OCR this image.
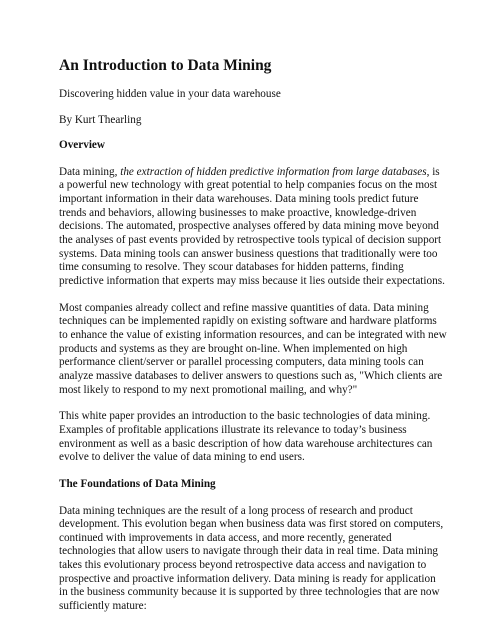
An Introduction to Data Mining
Discovering hidden value in your data warehouse
By Kurt Thearling
Overview
Data mining, the extraction of hidden predictive information from large databases, is
a powerful new technology with great potential to help companies focus on the most
important information in their data warehouses. Data mining tools predict future
trends and behaviors, allowing businesses to make proactive, knowledge-driven
decisions. The automated, prospective analyses offered by data mining move beyond
the analyses of past events provided by retrospective tools typical of decision support
systems. Data mining tools can answer business questions that traditionally were too
time consuming to resolve. They scour databases for hidden patterns, finding
predictive information that experts may miss because it lies outside their expectations.
Most companies already collect and refine massive quantities of data. Data mining
techniques can be implemented rapidly on existing software and hardware platforms
to enhance the value of existing information resources, and can be integrated with new
products and systems as they are brought on-line. When implemented on high
performance client/server or parallel processing computers, data mining tools can
analyze massive databases to deliver answers to questions such as, "Which clients are
most likely to respond to my next promotional mailing, and why?"
This white paper provides an introduction to the basic technologies of data mining.
Examples of profitable applications illustrate its relevance to today’s business
environment as well as a basic description of how data warehouse architectures can
evolve to deliver the value of data mining to end users.
The Foundations of Data Mining
Data mining techniques are the result of a long process of research and product
development. This evolution began when business data was first stored on computers,
continued with improvements in data access, and more recently, generated
technologies that allow users to navigate through their data in real time. Data mining
takes this evolutionary process beyond retrospective data access and navigation to
prospective and proactive information delivery. Data mining is ready for application
in the business community because it is supported by three technologies that are now
sufficiently mature:
